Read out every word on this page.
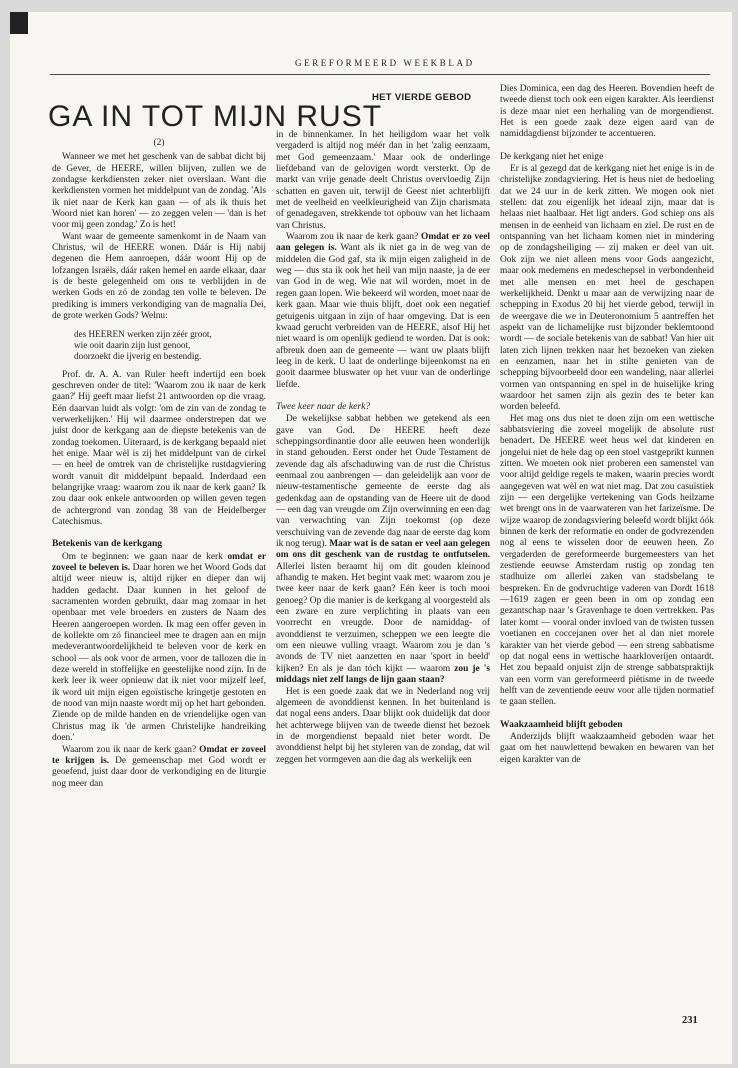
GEREFORMEERD WEEKBLAD
HET VIERDE GEBOD
GA IN TOT MIJN RUST
(2)

Wanneer we met het geschenk van de sabbat dicht bij de Gever, de HEERE, willen blijven, zullen we de zondagse kerkdiensten zeker niet overslaan. Want die kerkdiensten vormen het middelpunt van de zondag. 'Als ik niet naar de Kerk kan gaan — of als ik thuis het Woord niet kan horen' — zo zeggen velen — 'dan is het voor mij geen zondag.' Zo is het!

Want waar de gemeente samenkomt in de Naam van Christus, wil de HEERE wonen. Dáár is Hij nabij degenen die Hem aanroepen, dáár woont Hij op de lofzangen Israëls, dáár raken hemel en aarde elkaar, daar is de beste gelegenheid om ons te verblijden in de werken Gods en zó de zondag ten volle te beleven. De prediking is immers verkondiging van de magnalia Dei, de grote werken Gods? Welnu:

des HEEREN werken zijn zéér groot,
wie ooit daarin zijn lust genoot,
doorzoekt die ijverig en bestendig.

Prof. dr. A. A. van Ruler heeft indertijd een boek geschreven onder de titel: 'Waarom zou ik naar de kerk gaan?' Hij geeft maar liefst 21 antwoorden op die vraag. Eén daarvan luidt als volgt: 'om de zin van de zondag te verwerkelijken.' Hij wil daarmee onderstrepen dat we juist door de kerkgang aan de diepste betekenis van de zondag toekomen. Uiteraard, is de kerkgang bepaald niet het enige. Maar wèl is zij het middelpunt van de cirkel — en heel de omtrek van de christelijke rustdagviering wordt vanuit dit middelpunt bepaald. Inderdaad een belangrijke vraag: waarom zou ik naar de kerk gaan? Ik zou daar ook enkele antwoorden op willen geven tegen de achtergrond van zondag 38 van de Heidelberger Catechismus.

Betekenis van de kerkgang

Om te beginnen: we gaan naar de kerk omdat er zoveel te beleven is. Daar horen we het Woord Gods dat altijd weer nieuw is, altijd rijker en dieper dan wij hadden gedacht. Daar kunnen in het geloof de sacramenten worden gebruikt, daar mag zomaar in het openbaar met vele broeders en zusters de Naam des Heeren aangeroepen worden. Ik mag een offer geven in de kollekte om zó financieel mee te dragen aan en mijn medeverantwoordelijkheid te beleven voor de kerk en school — als ook voor de armen, voor de tallozen die in deze wereld in stoffelijke en geestelijke nood zijn. In de kerk leer ik weer opnieuw dat ik niet voor mijzelf leef, ik word uit mijn eigen egoïstische kringetje gestoten en de nood van mijn naaste wordt mij op het hart gebonden. Ziende op de milde handen en de vriendelijke ogen van Christus mag ik 'de armen Christelijke handreiking doen.'

Waarom zou ik naar de kerk gaan? Omdat er zoveel te krijgen is. De gemeenschap met God wordt er geoefend, juist daar door de verkondiging en de liturgie nog meer dan

in de binnenkamer. In het heiligdom waar het volk vergaderd is altijd nog méér dan in het 'zalig eenzaam, met God gemeenzaam.' Maar ook de onderlinge liefdeband van de gelovigen wordt versterkt. Op de markt van vrije genade deelt Christus overvloedig Zijn schatten en gaven uit, terwijl de Geest niet achterblijft met de veelheid en veelkleurigheid van Zijn charismata of genadegaven, strekkende tot opbouw van het lichaam van Christus.

Waarom zou ik naar de kerk gaan? Omdat er zo veel aan gelegen is. Want als ik niet ga in de weg van de middelen die God gaf, sta ik mijn eigen zaligheid in de weg — dus sta ik ook het heil van mijn naaste, ja de eer van God in de weg. Wie nat wil worden, moet in de regen gaan lopen. Wie bekeerd wil worden, moet naar de kerk gaan. Maar wie thuis blijft, doet ook een negatief getuigenis uitgaan in zijn of haar omgeving. Dat is een kwaad gerucht verbreiden van de HEERE, alsof Hij het niet waard is om openlijk gediend te worden. Dat is ook: afbreuk doen aan de gemeente — want uw plaats blijft leeg in de kerk. U laat de onderlinge bijeenkomst na en gooit daarmee bluswater op het vuur van de onderlinge liefde.

Twee keer naar de kerk?

De wekelijkse sabbat hebben we getekend als een gave van God. De HEERE heeft deze scheppingsordinantie door alle eeuwen heen wonderlijk in stand gehouden. Eerst onder het Oude Testament de zevende dag als afschaduwing van de rust die Christus eenmaal zou aanbrengen — dan geleidelijk aan voor de nieuw-testamentische gemeente de eerste dag als gedenkdag aan de opstanding van de Heere uit de dood — een dag van vreugde om Zijn overwinning en een dag van verwachting van Zijn toekomst (op deze verschuiving van de zevende dag naar de eerste dag kom ik nog terug). Maar wat is de satan er veel aan gelegen om ons dit geschenk van de rustdag te ontfutselen. Allerlei listen beraamt hij om dit gouden kleinood afhandig te maken. Het begint vaak met: waarom zou je twee keer naar de kerk gaan? Eén keer is toch mooi genoeg? Op die manier is de kerkgang al voorgesteld als een zware en zure verplichting in plaats van een voorrecht en vreugde. Door de namiddag- of avonddienst te verzuimen, scheppen we een leegte die om een nieuwe vulling vraagt. Waarom zou je dan 's avonds de TV niet aanzetten en naar 'sport in beeld' kijken? En als je dan tóch kijkt — waarom zou je 's middags niet zelf langs de lijn gaan staan?

Het is een goede zaak dat we in Nederland nog vrij algemeen de avonddienst kennen. In het buitenland is dat nogal eens anders. Daar blijkt ook duidelijk dat door het achterwege blijven van de tweede dienst het bezoek in de morgendienst bepaald niet beter wordt. De avonddienst helpt bij het styleren van de zondag, dat wil zeggen het vormgeven aan die dag als werkelijk een

Dies Dominica, een dag des Heeren. Bovendien heeft de tweede dienst toch ook een eigen karakter. Als leerdienst is deze maar niet een herhaling van de morgendienst. Het is een goede zaak deze eigen aard van de namiddagdienst bijzonder te accentueren.

De kerkgang niet het enige

Er is al gezegd dat de kerkgang niet het enige is in de christelijke zondagviering. Het is heus niet de bedoeling dat we 24 uur in de kerk zitten. We mogen ook niet stellen: dat zou eigenlijk het ideaal zijn, maar dat is helaas niet haalbaar. Het ligt anders. God schiep ons als mensen in de eenheid van lichaam en ziel. De rust en de ontspanning van het lichaam komen niet in mindering op de zondagsheiliging — zij maken er deel van uit. Ook zijn we niet alleen mens voor Gods aangezicht, maar ook medemens en medeschepsel in verbondenheid met alle mensen en met heel de geschapen werkelijkheid. Denkt u maar aan de verwijzing naar de schepping in Exodus 20 bij het vierde gebod, terwijl in de weergave die we in Deuteronomium 5 aantreffen het aspekt van de lichamelijke rust bijzonder beklemtoond wordt — de sociale betekenis van de sabbat! Van hier uit laten zich lijnen trekken naar het bezoeken van zieken en eenzamen, naar het in stilte genieten van de schepping bijvoorbeeld door een wandeling, naar allerlei vormen van ontspanning en spel in de huiselijke kring waardoor het samen zijn als gezin des te beter kan worden beleefd.

Het mag ons dus niet te doen zijn om een wettische sabbatsviering die zoveel mogelijk de absolute rust benadert. De HEERE weet heus wel dat kinderen en jongelui niet de hele dag op een stoel vastgeprikt kunnen zitten. We moeten ook niet proberen een samenstel van voor altijd geldige regels te maken, waarin precies wordt aangegeven wat wèl en wat niet mag. Dat zou casuïstiek zijn — een dergelijke vertekening van Gods heilzame wet brengt ons in de vaarwateren van het farizeïsme. De wijze waarop de zondagsviering beleefd wordt blijkt óók binnen de kerk der reformatie en onder de godvrezenden nog al eens te wisselen door de eeuwen heen. Zo vergaderden de gereformeerde burgemeesters van het zestiende eeuwse Amsterdam rustig op zondag ten stadhuize om allerlei zaken van stadsbelang te bespreken. En de godvruchtige vaderen van Dordt 1618—1619 zagen er geen been in om op zondag een gezantschap naar 's Gravenhage te doen vertrekken. Pas later komt — vooral onder invloed van de twisten tussen voetianen en coccejanen over het al dan niet morele karakter van het vierde gebod — een streng sabbatisme op dat nogal eens in wettische haarkloverijen ontaardt. Het zou bepaald onjuist zijn de strenge sabbatspraktijk van een vorm van gereformeerd piëtisme in de tweede helft van de zeventiende eeuw voor alle tijden normatief te gaan stellen.

Waakzaamheid blijft geboden

Anderzijds blijft waakzaamheid geboden waar het gaat om het nauwlettend bewaken en bewaren van het eigen karakter van de

231
